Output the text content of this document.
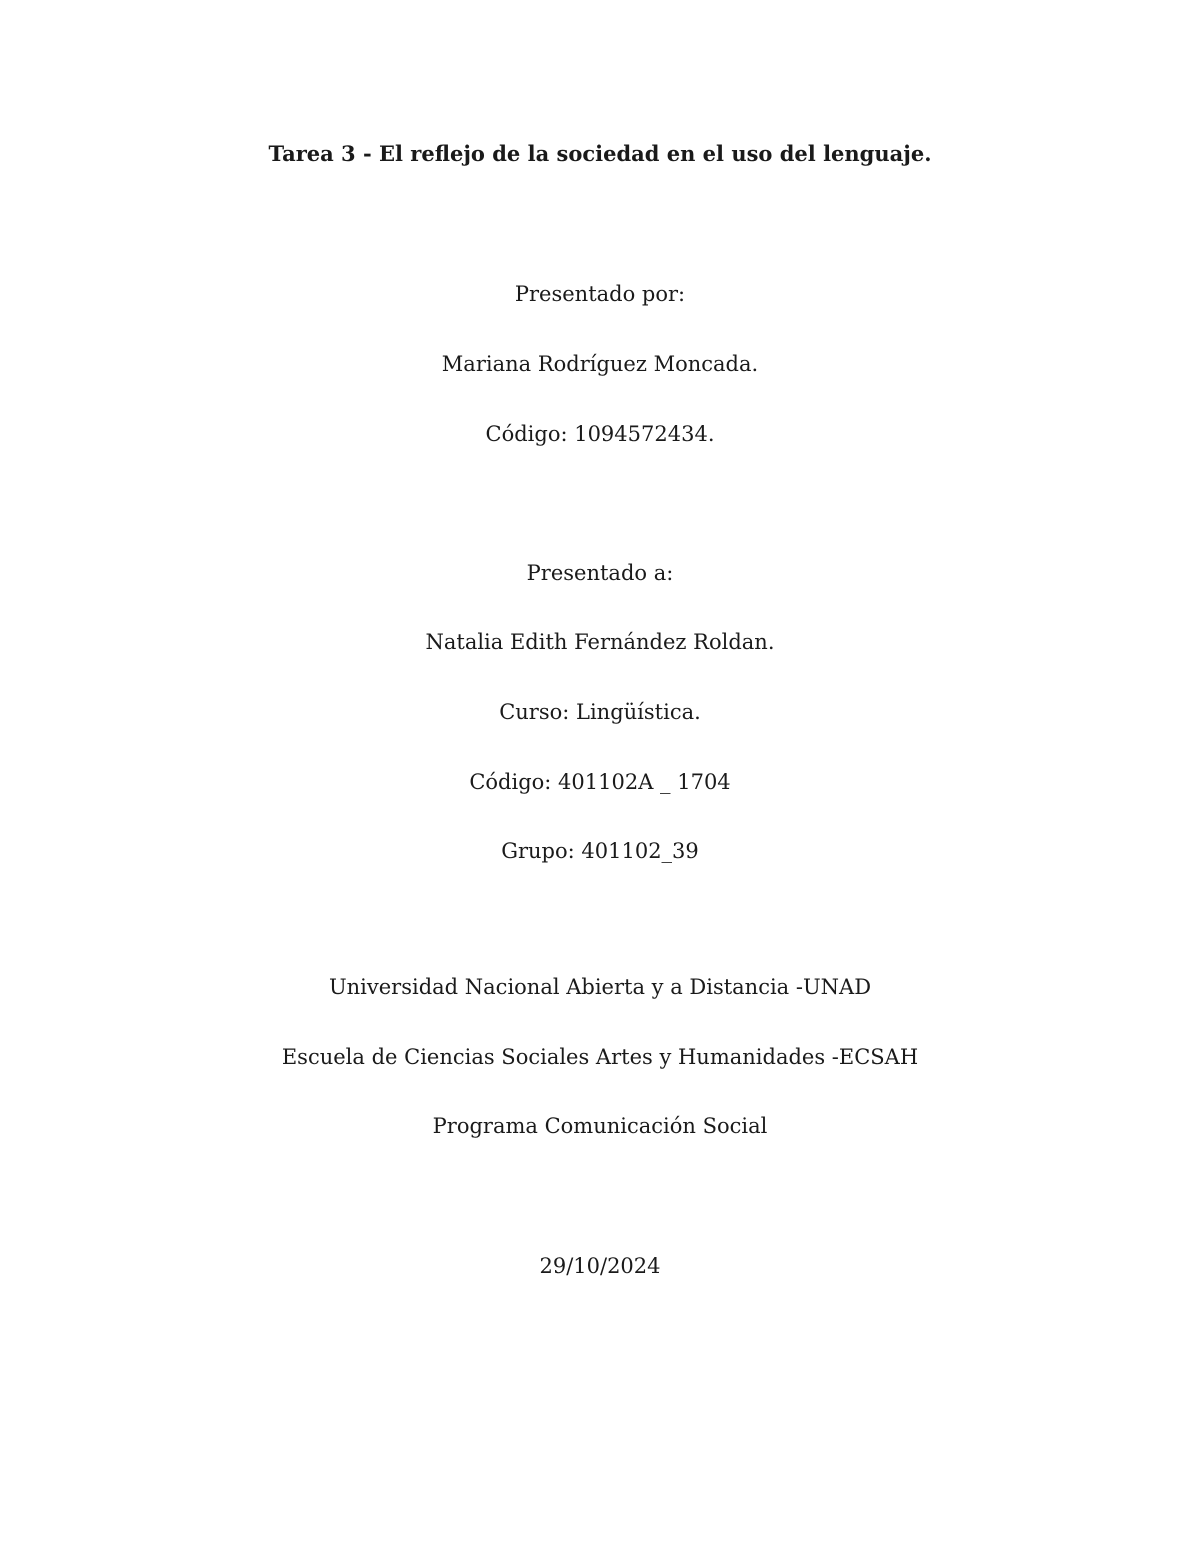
Tarea 3 - El reflejo de la sociedad en el uso del lenguaje.
Presentado por:
Mariana Rodríguez Moncada.
Código: 1094572434.
Presentado a:
Natalia Edith Fernández Roldan.
Curso: Lingüística.
Código: 401102A _ 1704
Grupo: 401102_39
Universidad Nacional Abierta y a Distancia -UNAD
Escuela de Ciencias Sociales Artes y Humanidades -ECSAH
Programa Comunicación Social
29/10/2024
